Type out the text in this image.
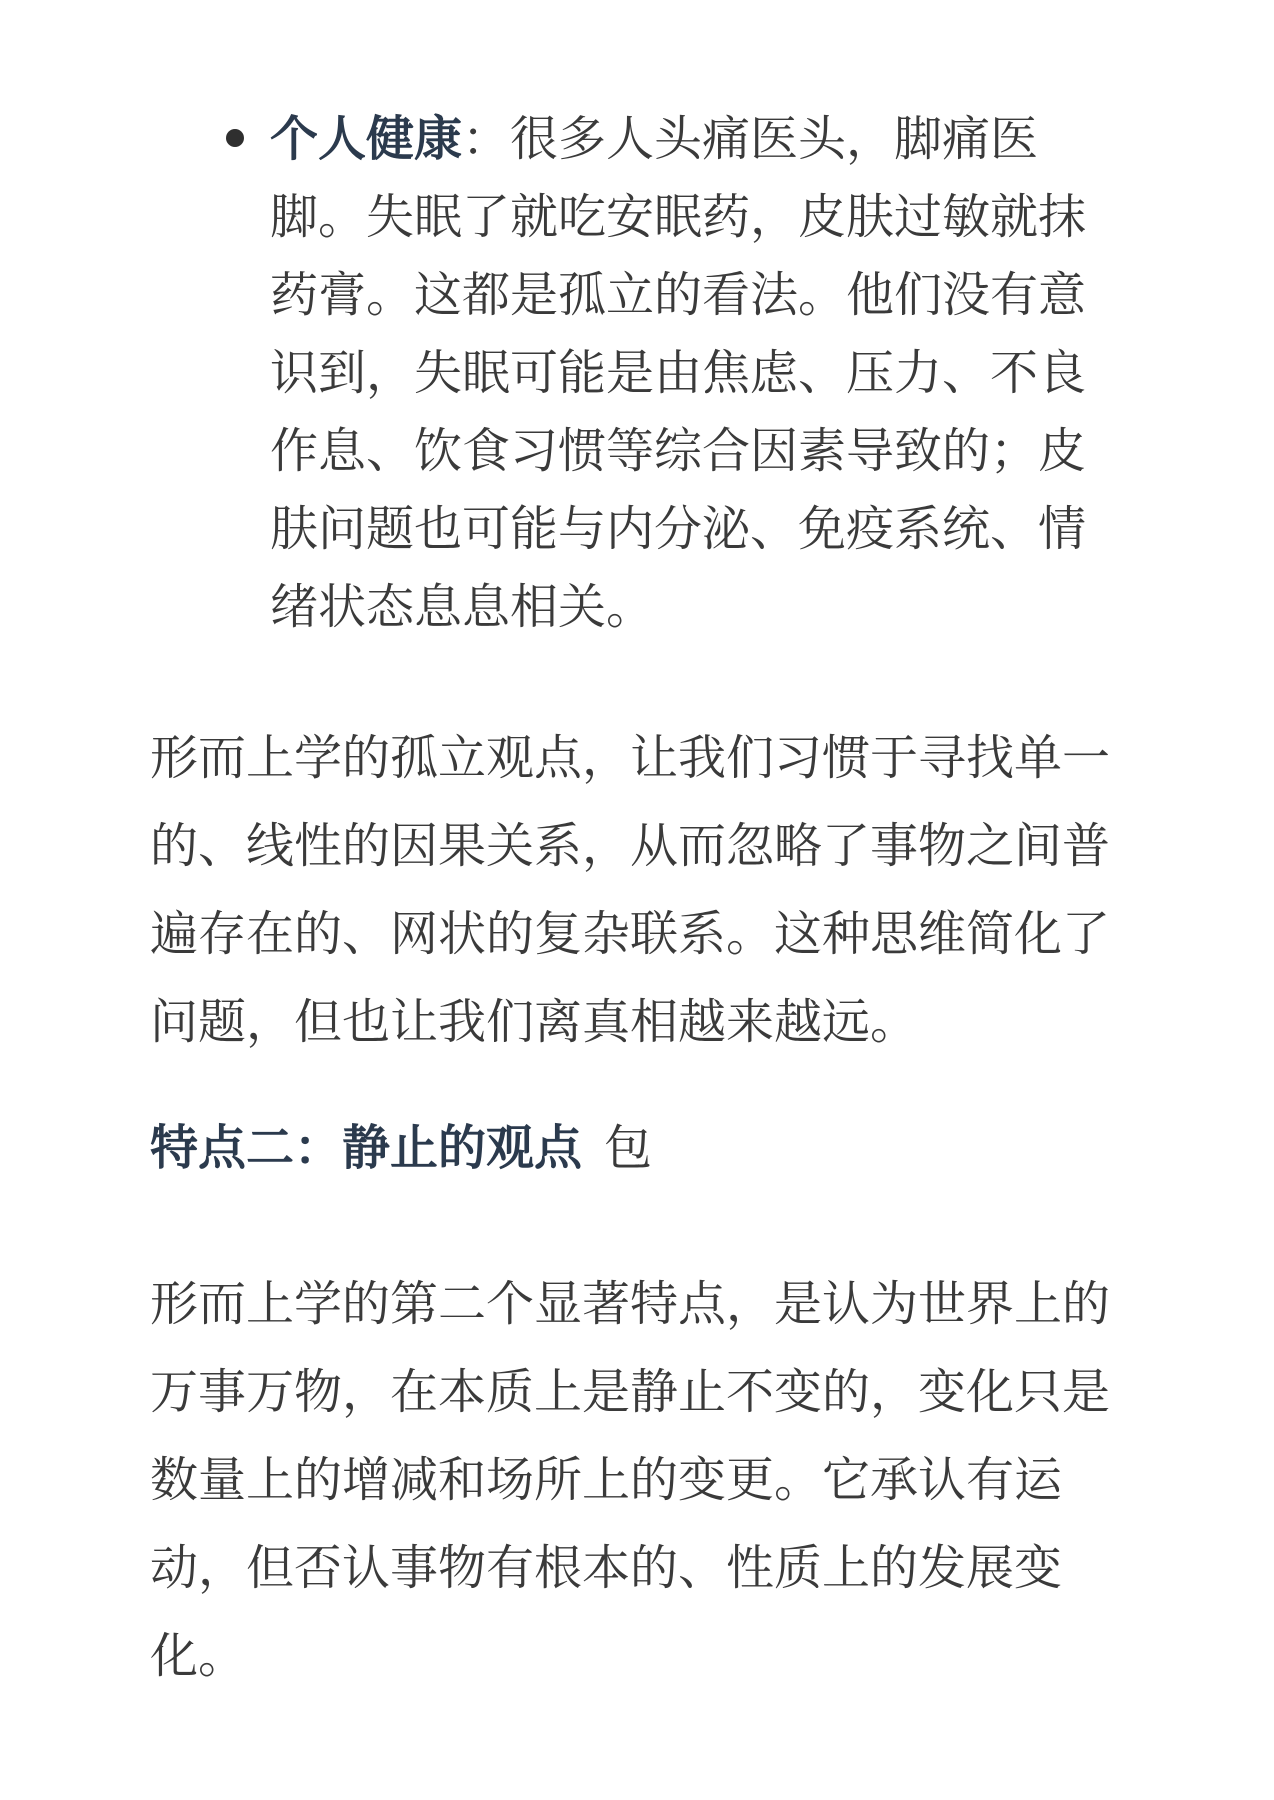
个人健康：很多人头痛医头，脚痛医脚。失眠了就吃安眠药，皮肤过敏就抹药膏。这都是孤立的看法。他们没有意识到，失眠可能是由焦虑、压力、不良作息、饮食习惯等综合因素导致的；皮肤问题也可能与内分泌、免疫系统、情绪状态息息相关。

形而上学的孤立观点，让我们习惯于寻找单一的、线性的因果关系，从而忽略了事物之间普遍存在的、网状的复杂联系。这种思维简化了问题，但也让我们离真相越来越远。

特点二：静止的观点 包

形而上学的第二个显著特点，是认为世界上的万事万物，在本质上是静止不变的，变化只是数量上的增减和场所上的变更。它承认有运动，但否认事物有根本的、性质上的发展变化。
